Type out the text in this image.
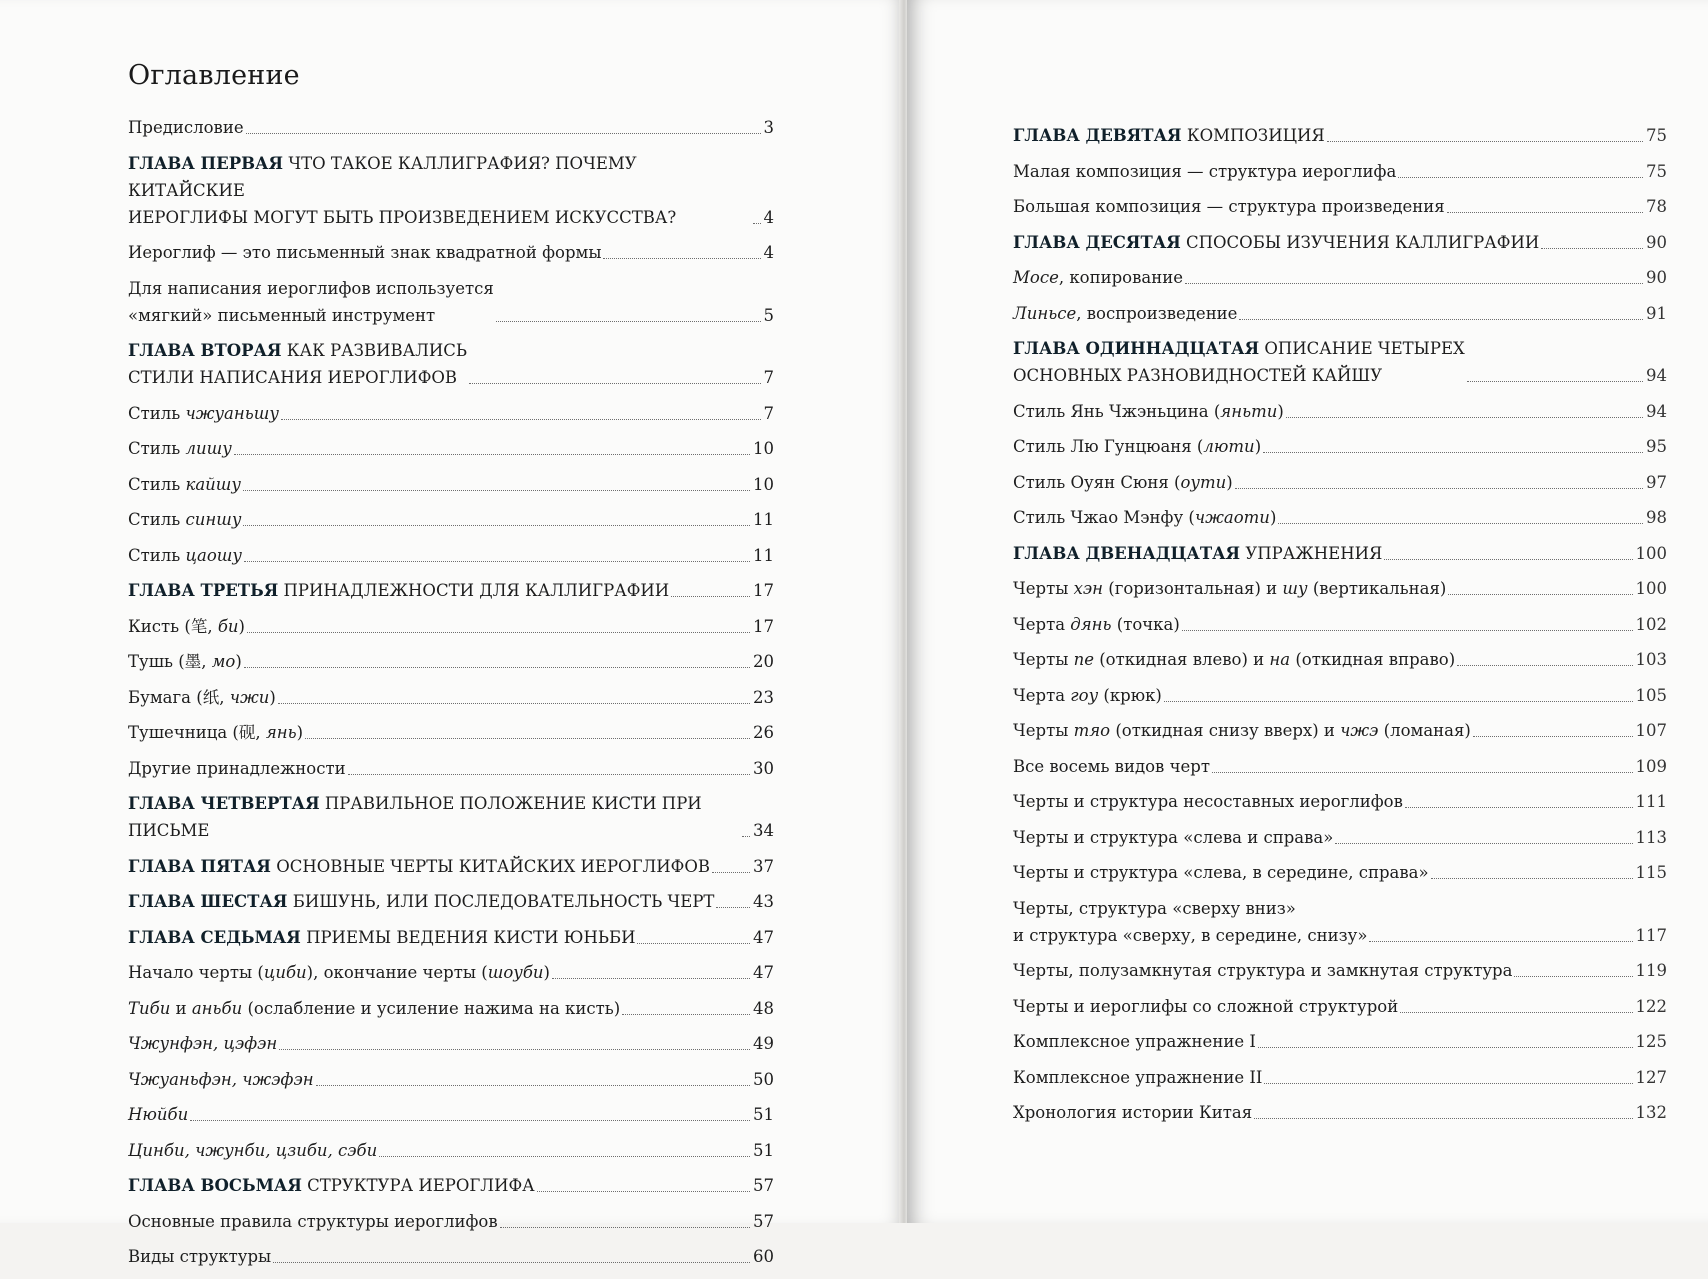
Оглавление
Предисловие	3
ГЛАВА ПЕРВАЯ ЧТО ТАКОЕ КАЛЛИГРАФИЯ? ПОЧЕМУ КИТАЙСКИЕ
ИЕРОГЛИФЫ МОГУТ БЫТЬ ПРОИЗВЕДЕНИЕМ ИСКУССТВА?	4
Иероглиф — это письменный знак квадратной формы	4
Для написания иероглифов используется
«мягкий» письменный инструмент	5
ГЛАВА ВТОРАЯ КАК РАЗВИВАЛИСЬ
СТИЛИ НАПИСАНИЯ ИЕРОГЛИФОВ	7
Стиль чжуаньшу	7
Стиль лишу	10
Стиль кайшу	10
Стиль синшу	11
Стиль цаошу	11
ГЛАВА ТРЕТЬЯ ПРИНАДЛЕЖНОСТИ ДЛЯ КАЛЛИГРАФИИ	17
Кисть (笔, би)	17
Тушь (墨, мо)	20
Бумага (纸, чжи)	23
Тушечница (砚, янь)	26
Другие принадлежности	30
ГЛАВА ЧЕТВЕРТАЯ ПРАВИЛЬНОЕ ПОЛОЖЕНИЕ КИСТИ ПРИ ПИСЬМЕ	34
ГЛАВА ПЯТАЯ ОСНОВНЫЕ ЧЕРТЫ КИТАЙСКИХ ИЕРОГЛИФОВ	37
ГЛАВА ШЕСТАЯ БИШУНЬ, ИЛИ ПОСЛЕДОВАТЕЛЬНОСТЬ ЧЕРТ 43
ГЛАВА СЕДЬМАЯ ПРИЕМЫ ВЕДЕНИЯ КИСТИ ЮНЬБИ	47
Начало черты (циби), окончание черты (шоуби)	47
Тиби и аньби (ослабление и усиление нажима на кисть)	48
Чжунфэн, цэфэн	49
Чжуаньфэн, чжэфэн	50
Нюйби	51
Цинби, чжунби, цзиби, сэби	51
ГЛАВА ВОСЬМАЯ СТРУКТУРА ИЕРОГЛИФА	57
Основные правила структуры иероглифов	57
Виды структуры	60
ГЛАВА ДЕВЯТАЯ КОМПОЗИЦИЯ	75
Малая композиция — структура иероглифа	75
Большая композиция — структура произведения	78
ГЛАВА ДЕСЯТАЯ СПОСОБЫ ИЗУЧЕНИЯ КАЛЛИГРАФИИ	90
Мосе, копирование	90
Линьсе, воспроизведение	91
ГЛАВА ОДИННАДЦАТАЯ ОПИСАНИЕ ЧЕТЫРЕХ
ОСНОВНЫХ РАЗНОВИДНОСТЕЙ КАЙШУ	94
Стиль Янь Чжэньцина (яньти)	94
Стиль Лю Гунцюаня (люти)	95
Стиль Оуян Сюня (оути)	97
Стиль Чжао Мэнфу (чжаоти)	98
ГЛАВА ДВЕНАДЦАТАЯ УПРАЖНЕНИЯ	100
Черты хэн (горизонтальная) и шу (вертикальная)	100
Черта дянь (точка)	102
Черты пе (откидная влево) и на (откидная вправо)	103
Черта гоу (крюк)	105
Черты тяо (откидная снизу вверх) и чжэ (ломаная)	107
Все восемь видов черт	109
Черты и структура несоставных иероглифов	111
Черты и структура «слева и справа»	113
Черты и структура «слева, в середине, справа»	115
Черты, структура «сверху вниз»
и структура «сверху, в середине, снизу»	117
Черты, полузамкнутая структура и замкнутая структура	119
Черты и иероглифы со сложной структурой	122
Комплексное упражнение I	125
Комплексное упражнение II	127
Хронология истории Китая	132
